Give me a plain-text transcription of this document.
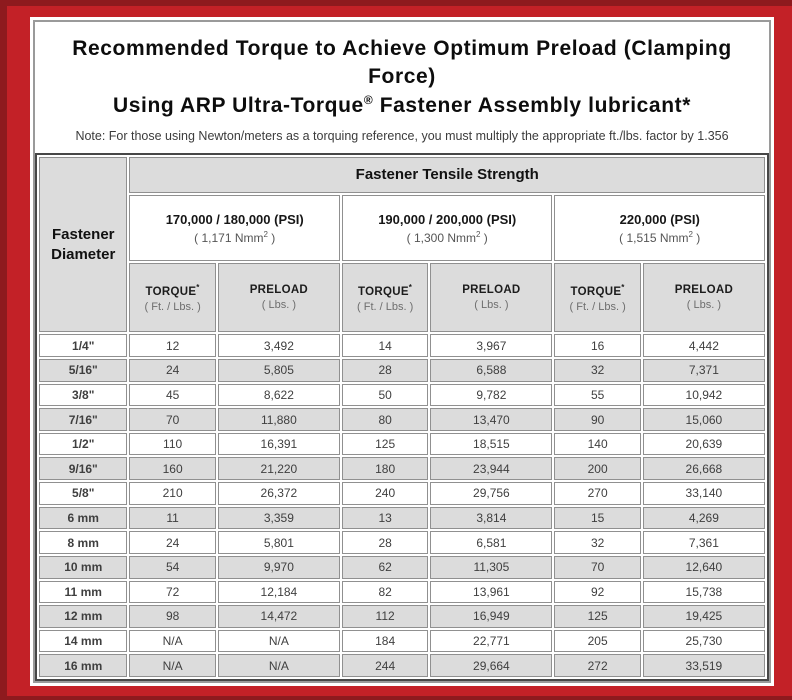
Recommended Torque to Achieve Optimum Preload (Clamping Force)
Using ARP Ultra-Torque® Fastener Assembly lubricant*

Note: For those using Newton/meters as a torquing reference, you must multiply the appropriate ft./lbs. factor by 1.356

Fastener
Diameter	Fastener Tensile Strength					

170,000 / 180,000 (PSI)
( 1,171 Nmm$^2$ )

190,000 / 200,000 (PSI)
( 1,300 Nmm$^2$ )

220,000 (PSI)
( 1,515 Nmm$^2$ )

TORQUE*
( Ft. / Lbs. )

PRELOAD
( Lbs. )

TORQUE*
( Ft. / Lbs. )

PRELOAD
( Lbs. )

TORQUE*
( Ft. / Lbs. )

PRELOAD
( Lbs. )

1/4"	12	3,492	14	3,967	16	4,442
5/16"	24	5,805	28	6,588	32	7,371
3/8"	45	8,622	50	9,782	55	10,942
7/16"	70	11,880	80	13,470	90	15,060
1/2"	110	16,391	125	18,515	140	20,639
9/16"	160	21,220	180	23,944	200	26,668
5/8"	210	26,372	240	29,756	270	33,140
6 mm	11	3,359	13	3,814	15	4,269
8 mm	24	5,801	28	6,581	32	7,361
10 mm	54	9,970	62	11,305	70	12,640
11 mm	72	12,184	82	13,961	92	15,738
12 mm	98	14,472	112	16,949	125	19,425
14 mm	N/A	N/A	184	22,771	205	25,730
16 mm	N/A	N/A	244	29,664	272	33,519
